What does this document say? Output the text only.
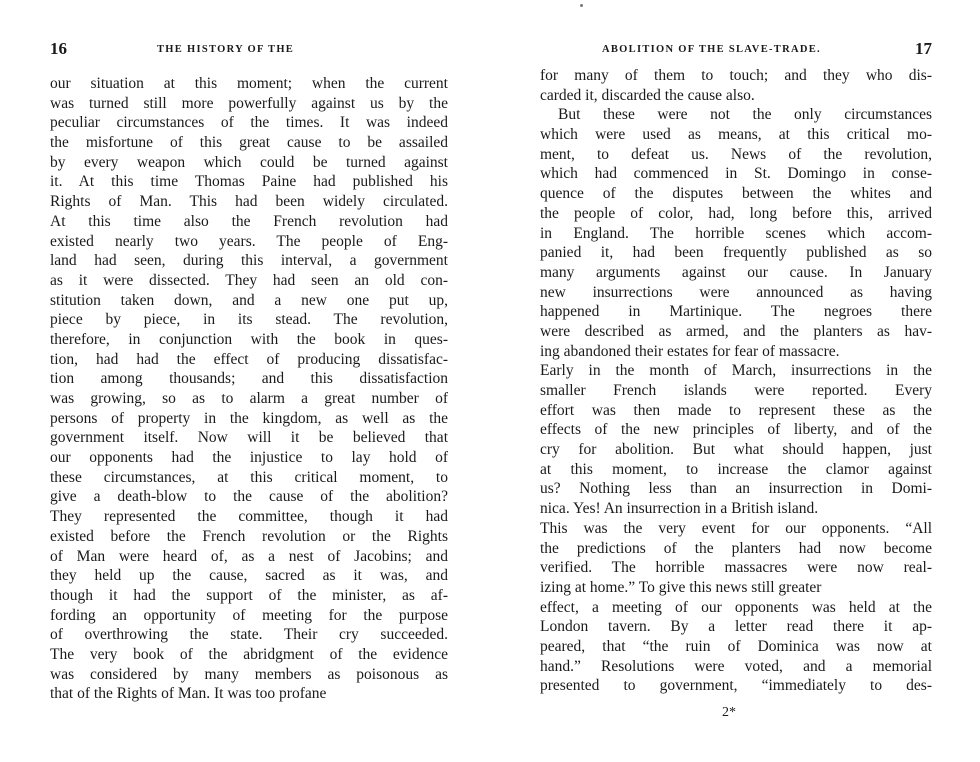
16	THE HISTORY OF THE
our situation at this moment; when the current
was turned still more powerfully against us by the
peculiar circumstances of the times. It was indeed
the misfortune of this great cause to be assailed
by every weapon which could be turned against
it. At this time Thomas Paine had published his
Rights of Man. This had been widely circulated.
At this time also the French revolution had
existed nearly two years. The people of Eng-
land had seen, during this interval, a government
as it were dissected. They had seen an old con-
stitution taken down, and a new one put up,
piece by piece, in its stead. The revolution,
therefore, in conjunction with the book in ques-
tion, had had the effect of producing dissatisfac-
tion among thousands; and this dissatisfaction
was growing, so as to alarm a great number of
persons of property in the kingdom, as well as the
government itself. Now will it be believed that
our opponents had the injustice to lay hold of
these circumstances, at this critical moment, to
give a death-blow to the cause of the abolition?
They represented the committee, though it had
existed before the French revolution or the Rights
of Man were heard of, as a nest of Jacobins; and
they held up the cause, sacred as it was, and
though it had the support of the minister, as af-
fording an opportunity of meeting for the purpose
of overthrowing the state. Their cry succeeded.
The very book of the abridgment of the evidence
was considered by many members as poisonous as
that of the Rights of Man. It was too profane
ABOLITION OF THE SLAVE-TRADE.	17
for many of them to touch; and they who dis-
carded it, discarded the cause also.
But these were not the only circumstances
which were used as means, at this critical mo-
ment, to defeat us. News of the revolution,
which had commenced in St. Domingo in conse-
quence of the disputes between the whites and
the people of color, had, long before this, arrived
in England. The horrible scenes which accom-
panied it, had been frequently published as so
many arguments against our cause. In January
new insurrections were announced as having
happened in Martinique. The negroes there
were described as armed, and the planters as hav-
ing abandoned their estates for fear of massacre.
Early in the month of March, insurrections in the
smaller French islands were reported. Every
effort was then made to represent these as the
effects of the new principles of liberty, and of the
cry for abolition. But what should happen, just
at this moment, to increase the clamor against
us? Nothing less than an insurrection in Domi-
nica. Yes! An insurrection in a British island.
This was the very event for our opponents. “All
the predictions of the planters had now become
verified. The horrible massacres were now real-
izing at home.” To give this news still greater
effect, a meeting of our opponents was held at the
London tavern. By a letter read there it ap-
peared, that “the ruin of Dominica was now at
hand.” Resolutions were voted, and a memorial
presented to government, “immediately to des-
2*
